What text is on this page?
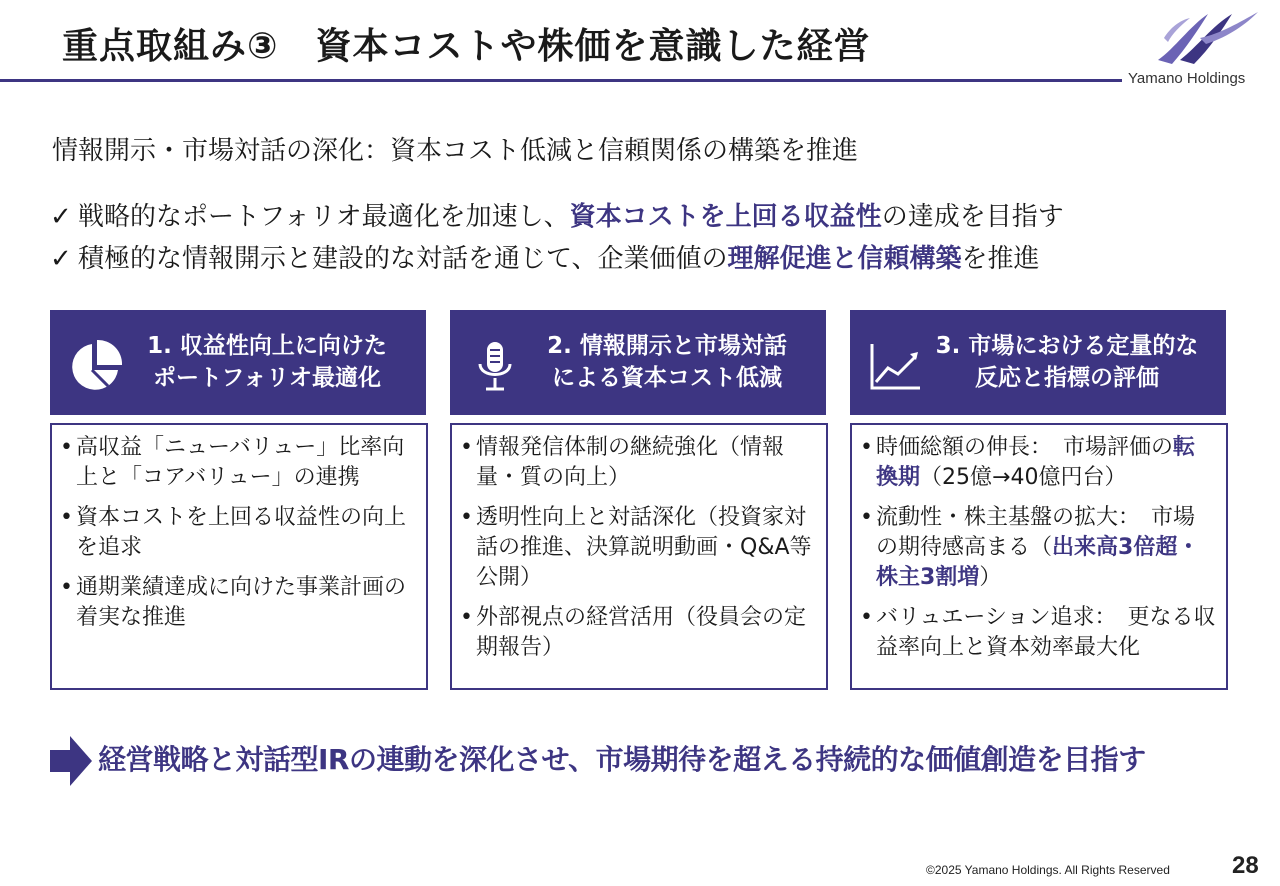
重点取組み③　資本コストや株価を意識した経営
Yamano Holdings
情報開示・市場対話の深化：資本コスト低減と信頼関係の構築を推進
✓ 戦略的なポートフォリオ最適化を加速し、資本コストを上回る収益性の達成を目指す
✓ 積極的な情報開示と建設的な対話を通じて、企業価値の理解促進と信頼構築を推進
1. 収益性向上に向けた
ポートフォリオ最適化
• 高収益「ニューバリュー」比率向上と「コアバリュー」の連携
• 資本コストを上回る収益性の向上を追求
• 通期業績達成に向けた事業計画の着実な推進
2. 情報開示と市場対話
による資本コスト低減
• 情報発信体制の継続強化（情報量・質の向上）
• 透明性向上と対話深化（投資家対話の推進、決算説明動画・Q&A等公開）
• 外部視点の経営活用（役員会の定期報告）
3. 市場における定量的な
反応と指標の評価
• 時価総額の伸長：　市場評価の転換期（25億→40億円台）
• 流動性・株主基盤の拡大：　市場の期待感高まる（出来高3倍超・株主3割増）
• バリュエーション追求：　更なる収益率向上と資本効率最大化
経営戦略と対話型IRの連動を深化させ、市場期待を超える持続的な価値創造を目指す
©2025 Yamano Holdings. All Rights Reserved	28
